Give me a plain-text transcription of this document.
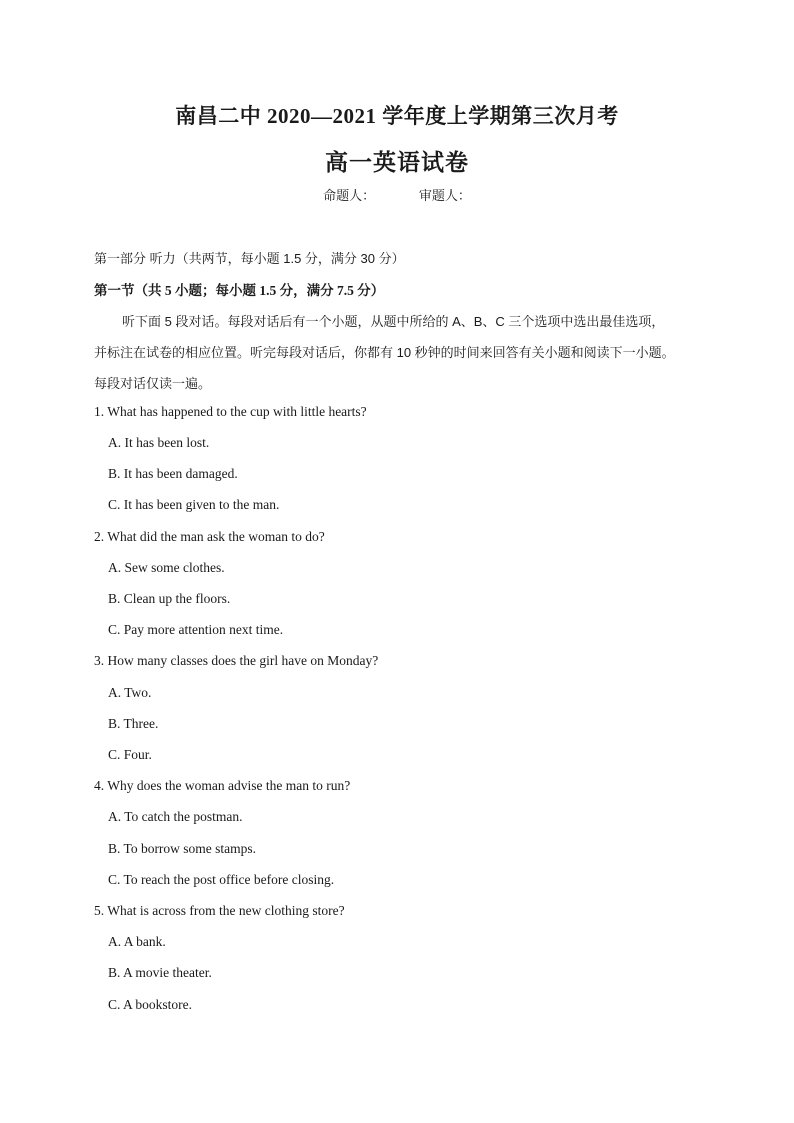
南昌二中 2020—2021 学年度上学期第三次月考
高一英语试卷
命题人：	审题人：
第一部分 听力（共两节，每小题 1.5 分，满分 30 分）
第一节（共 5 小题；每小题 1.5 分，满分 7.5 分）
听下面 5 段对话。每段对话后有一个小题，从题中所给的 A、B、C 三个选项中选出最佳选项，
并标注在试卷的相应位置。听完每段对话后，你都有 10 秒钟的时间来回答有关小题和阅读下一小题。
每段对话仅读一遍。
1. What has happened to the cup with little hearts?
A. It has been lost.
B. It has been damaged.
C. It has been given to the man.
2. What did the man ask the woman to do?
A. Sew some clothes.
B. Clean up the floors.
C. Pay more attention next time.
3. How many classes does the girl have on Monday?
A. Two.
B. Three.
C. Four.
4. Why does the woman advise the man to run?
A. To catch the postman.
B. To borrow some stamps.
C. To reach the post office before closing.
5. What is across from the new clothing store?
A. A bank.
B. A movie theater.
C. A bookstore.
